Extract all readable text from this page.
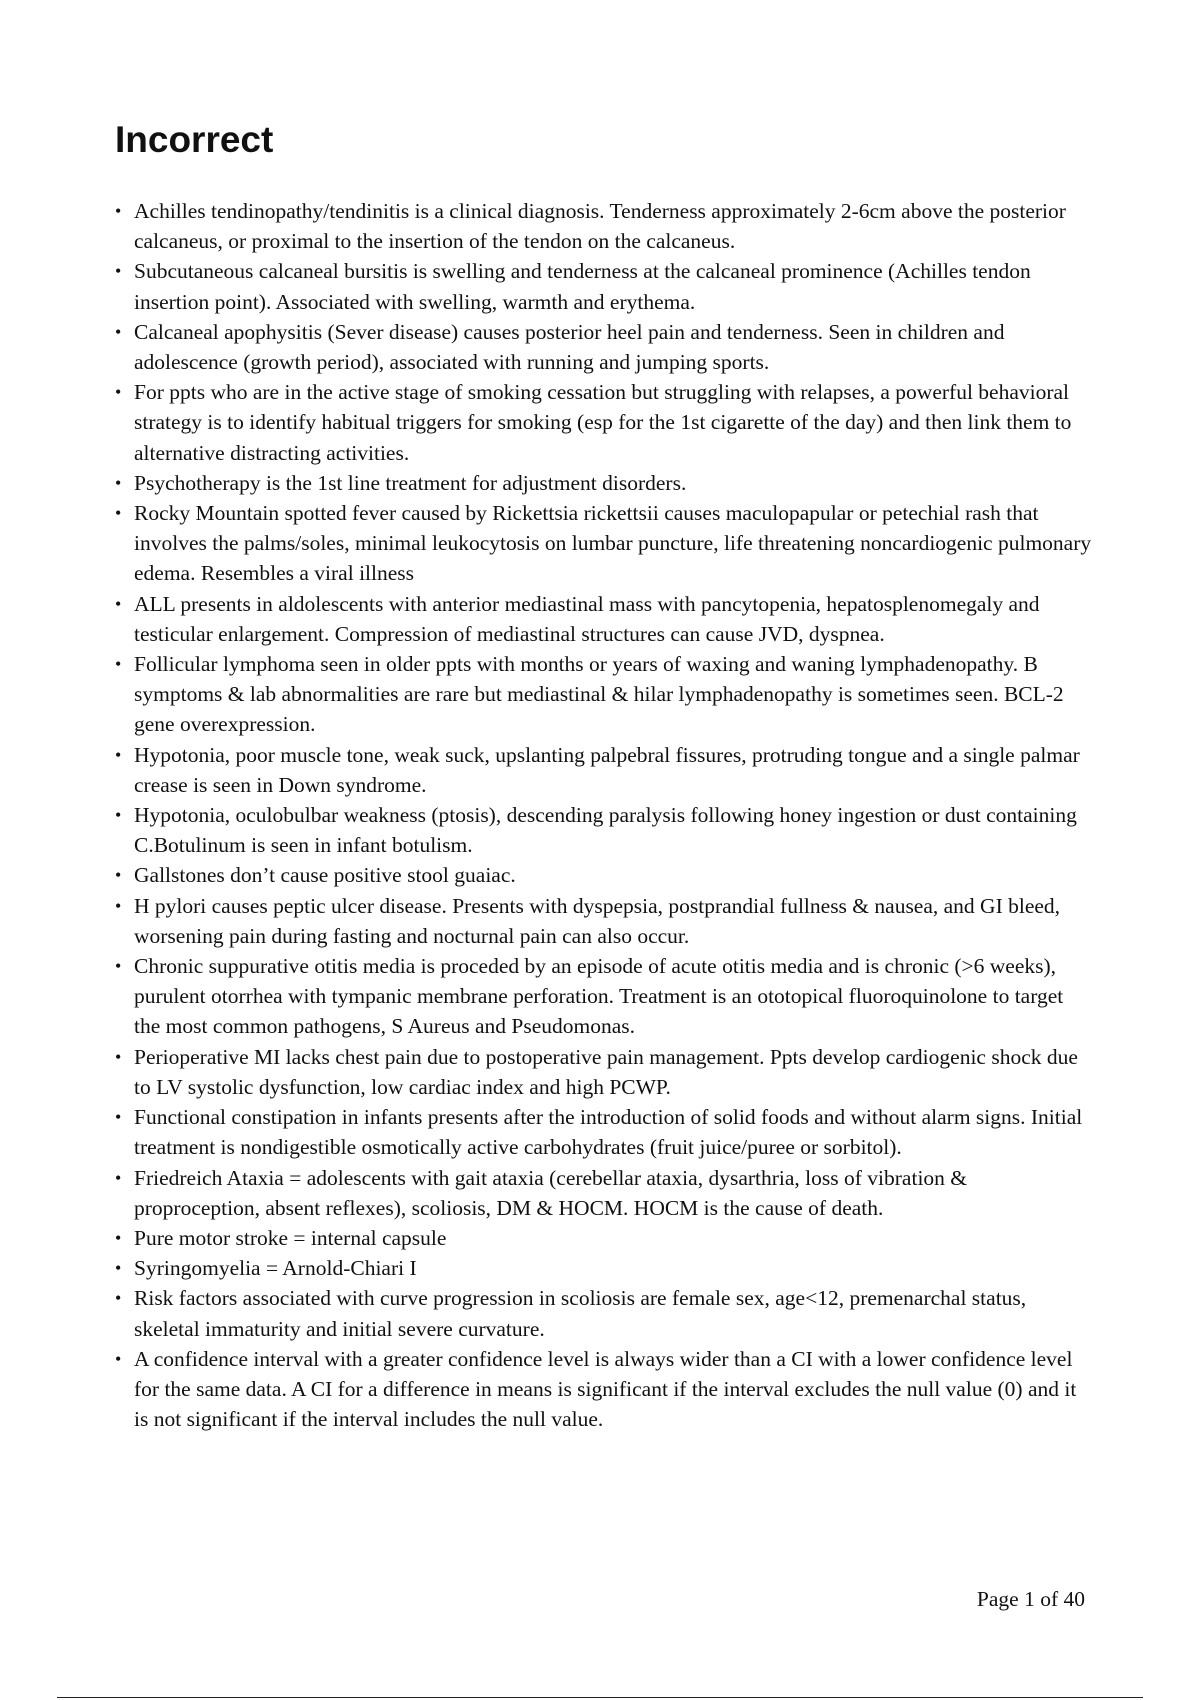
Incorrect
• Achilles tendinopathy/tendinitis is a clinical diagnosis. Tenderness approximately 2-6cm above the posterior calcaneus, or proximal to the insertion of the tendon on the calcaneus.
• Subcutaneous calcaneal bursitis is swelling and tenderness at the calcaneal prominence (Achilles tendon insertion point). Associated with swelling, warmth and erythema.
• Calcaneal apophysitis (Sever disease) causes posterior heel pain and tenderness. Seen in children and adolescence (growth period), associated with running and jumping sports.
• For ppts who are in the active stage of smoking cessation but struggling with relapses, a powerful behavioral strategy is to identify habitual triggers for smoking (esp for the 1st cigarette of the day) and then link them to alternative distracting activities.
• Psychotherapy is the 1st line treatment for adjustment disorders.
• Rocky Mountain spotted fever caused by Rickettsia rickettsii causes maculopapular or petechial rash that involves the palms/soles, minimal leukocytosis on lumbar puncture, life threatening noncardiogenic pulmonary edema. Resembles a viral illness
• ALL presents in aldolescents with anterior mediastinal mass with pancytopenia, hepatosplenomegaly and testicular enlargement. Compression of mediastinal structures can cause JVD, dyspnea.
• Follicular lymphoma seen in older ppts with months or years of waxing and waning lymphadenopathy. B symptoms & lab abnormalities are rare but mediastinal & hilar lymphadenopathy is sometimes seen. BCL-2 gene overexpression.
• Hypotonia, poor muscle tone, weak suck, upslanting palpebral fissures, protruding tongue and a single palmar crease is seen in Down syndrome.
• Hypotonia, oculobulbar weakness (ptosis), descending paralysis following honey ingestion or dust containing C.Botulinum is seen in infant botulism.
• Gallstones don’t cause positive stool guaiac.
• H pylori causes peptic ulcer disease. Presents with dyspepsia, postprandial fullness & nausea, and GI bleed, worsening pain during fasting and nocturnal pain can also occur.
• Chronic suppurative otitis media is proceded by an episode of acute otitis media and is chronic (>6 weeks), purulent otorrhea with tympanic membrane perforation. Treatment is an ototopical fluoroquinolone to target the most common pathogens, S Aureus and Pseudomonas.
• Perioperative MI lacks chest pain due to postoperative pain management. Ppts develop cardiogenic shock due to LV systolic dysfunction, low cardiac index and high PCWP.
• Functional constipation in infants presents after the introduction of solid foods and without alarm signs. Initial treatment is nondigestible osmotically active carbohydrates (fruit juice/puree or sorbitol).
• Friedreich Ataxia = adolescents with gait ataxia (cerebellar ataxia, dysarthria, loss of vibration & proproception, absent reflexes), scoliosis, DM & HOCM. HOCM is the cause of death.
• Pure motor stroke = internal capsule
• Syringomyelia = Arnold-Chiari I
• Risk factors associated with curve progression in scoliosis are female sex, age<12, premenarchal status, skeletal immaturity and initial severe curvature.
• A confidence interval with a greater confidence level is always wider than a CI with a lower confidence level for the same data. A CI for a difference in means is significant if the interval excludes the null value (0) and it is not significant if the interval includes the null value.
Page 1 of 40
